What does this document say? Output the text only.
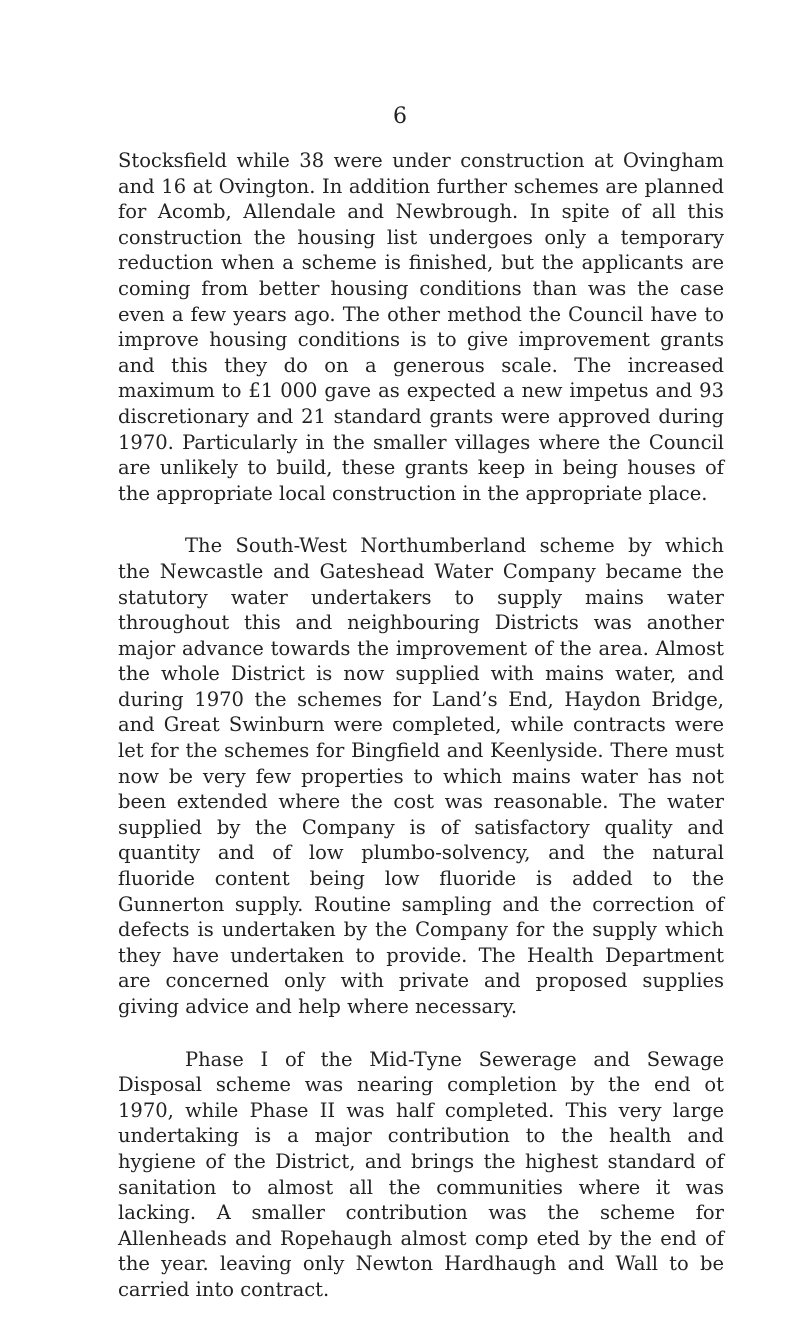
6

Stocksfield while 38 were under construction at Ovingham and 16 at Ovington. In addition further schemes are planned for Acomb, Allendale and Newbrough. In spite of all this construction the housing list undergoes only a temporary reduction when a scheme is finished, but the applicants are coming from better housing conditions than was the case even a few years ago. The other method the Council have to improve housing conditions is to give improvement grants and this they do on a generous scale. The increased maximum to £1 000 gave as expected a new impetus and 93 discretionary and 21 standard grants were approved during 1970. Particularly in the smaller villages where the Council are unlikely to build, these grants keep in being houses of the appropriate local construction in the appropriate place.

The South-West Northumberland scheme by which the Newcastle and Gateshead Water Company became the statutory water undertakers to supply mains water throughout this and neighbouring Districts was another major advance towards the improvement of the area. Almost the whole District is now supplied with mains water, and during 1970 the schemes for Land’s End, Haydon Bridge, and Great Swinburn were completed, while contracts were let for the schemes for Bingfield and Keenlyside. There must now be very few properties to which mains water has not been extended where the cost was reasonable. The water supplied by the Company is of satisfactory quality and quantity and of low plumbo-solvency, and the natural fluoride content being low fluoride is added to the Gunnerton supply. Routine sampling and the correction of defects is undertaken by the Company for the supply which they have undertaken to provide. The Health Department are concerned only with private and proposed supplies giving advice and help where necessary.

Phase I of the Mid-Tyne Sewerage and Sewage Disposal scheme was nearing completion by the end ot 1970, while Phase II was half completed. This very large undertaking is a major contribution to the health and hygiene of the District, and brings the highest standard of sanitation to almost all the communities where it was lacking. A smaller contribution was the scheme for Allenheads and Ropehaugh almost comp eted by the end of the year. leaving only Newton Hardhaugh and Wall to be carried into contract.
